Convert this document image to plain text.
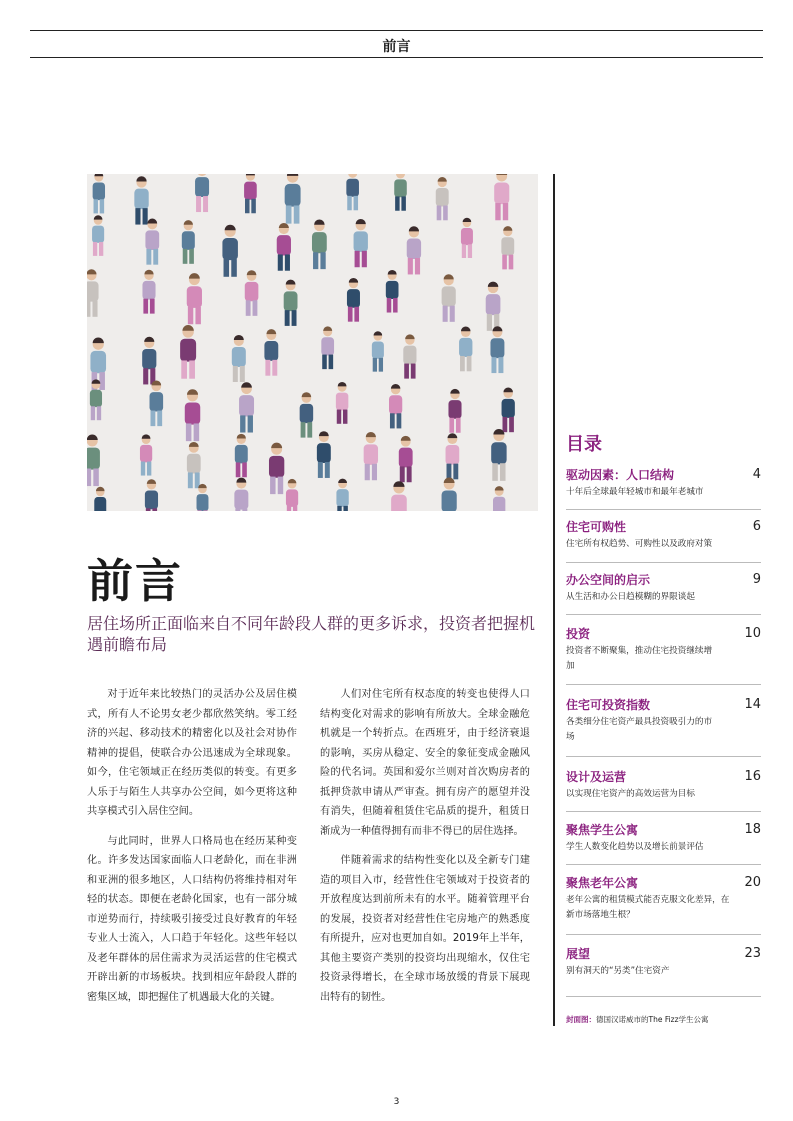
前言
前言
居住场所正面临来自不同年龄段人群的更多诉求，投资者把握机遇前瞻布局

对于近年来比较热门的灵活办公及居住模式，所有人不论男女老少都欣然笑纳。零工经济的兴起、移动技术的精密化以及社会对协作精神的提倡，使联合办公迅速成为全球现象。如今，住宅领域正在经历类似的转变。有更多人乐于与陌生人共享办公空间，如今更将这种共享模式引入居住空间。

与此同时，世界人口格局也在经历某种变化。许多发达国家面临人口老龄化，而在非洲和亚洲的很多地区，人口结构仍将维持相对年轻的状态。即便在老龄化国家，也有一部分城市逆势而行，持续吸引接受过良好教育的年轻专业人士流入，人口趋于年轻化。这些年轻以及老年群体的居住需求为灵活运营的住宅模式开辟出新的市场板块。找到相应年龄段人群的密集区域，即把握住了机遇最大化的关键。

人们对住宅所有权态度的转变也使得人口结构变化对需求的影响有所放大。全球金融危机就是一个转折点。在西班牙，由于经济衰退的影响，买房从稳定、安全的象征变成金融风险的代名词。英国和爱尔兰则对首次购房者的抵押贷款申请从严审查。拥有房产的愿望并没有消失，但随着租赁住宅品质的提升，租赁日渐成为一种值得拥有而非不得已的居住选择。

伴随着需求的结构性变化以及全新专门建造的项目入市，经营性住宅领域对于投资者的开放程度达到前所未有的水平。随着管理平台的发展，投资者对经营性住宅房地产的熟悉度有所提升，应对也更加自如。2019年上半年，其他主要资产类别的投资均出现缩水，仅住宅投资录得增长，在全球市场放缓的背景下展现出特有的韧性。

目录
驱动因素：人口结构
十年后全球最年轻城市和最年老城市
4
住宅可购性
住宅所有权趋势、可购性以及政府对策
6
办公空间的启示
从生活和办公日趋模糊的界限谈起
9
投资
投资者不断聚集，推动住宅投资继续增加
10
住宅可投资指数
各类细分住宅资产最具投资吸引力的市场
14
设计及运营
以实现住宅资产的高效运营为目标
16
聚焦学生公寓
学生人数变化趋势以及增长前景评估
18
聚焦老年公寓
老年公寓的租赁模式能否克服文化差异，在新市场落地生根？
20
展望
别有洞天的“另类”住宅资产
23
封面图：德国汉诺威市的The Fizz学生公寓
3
